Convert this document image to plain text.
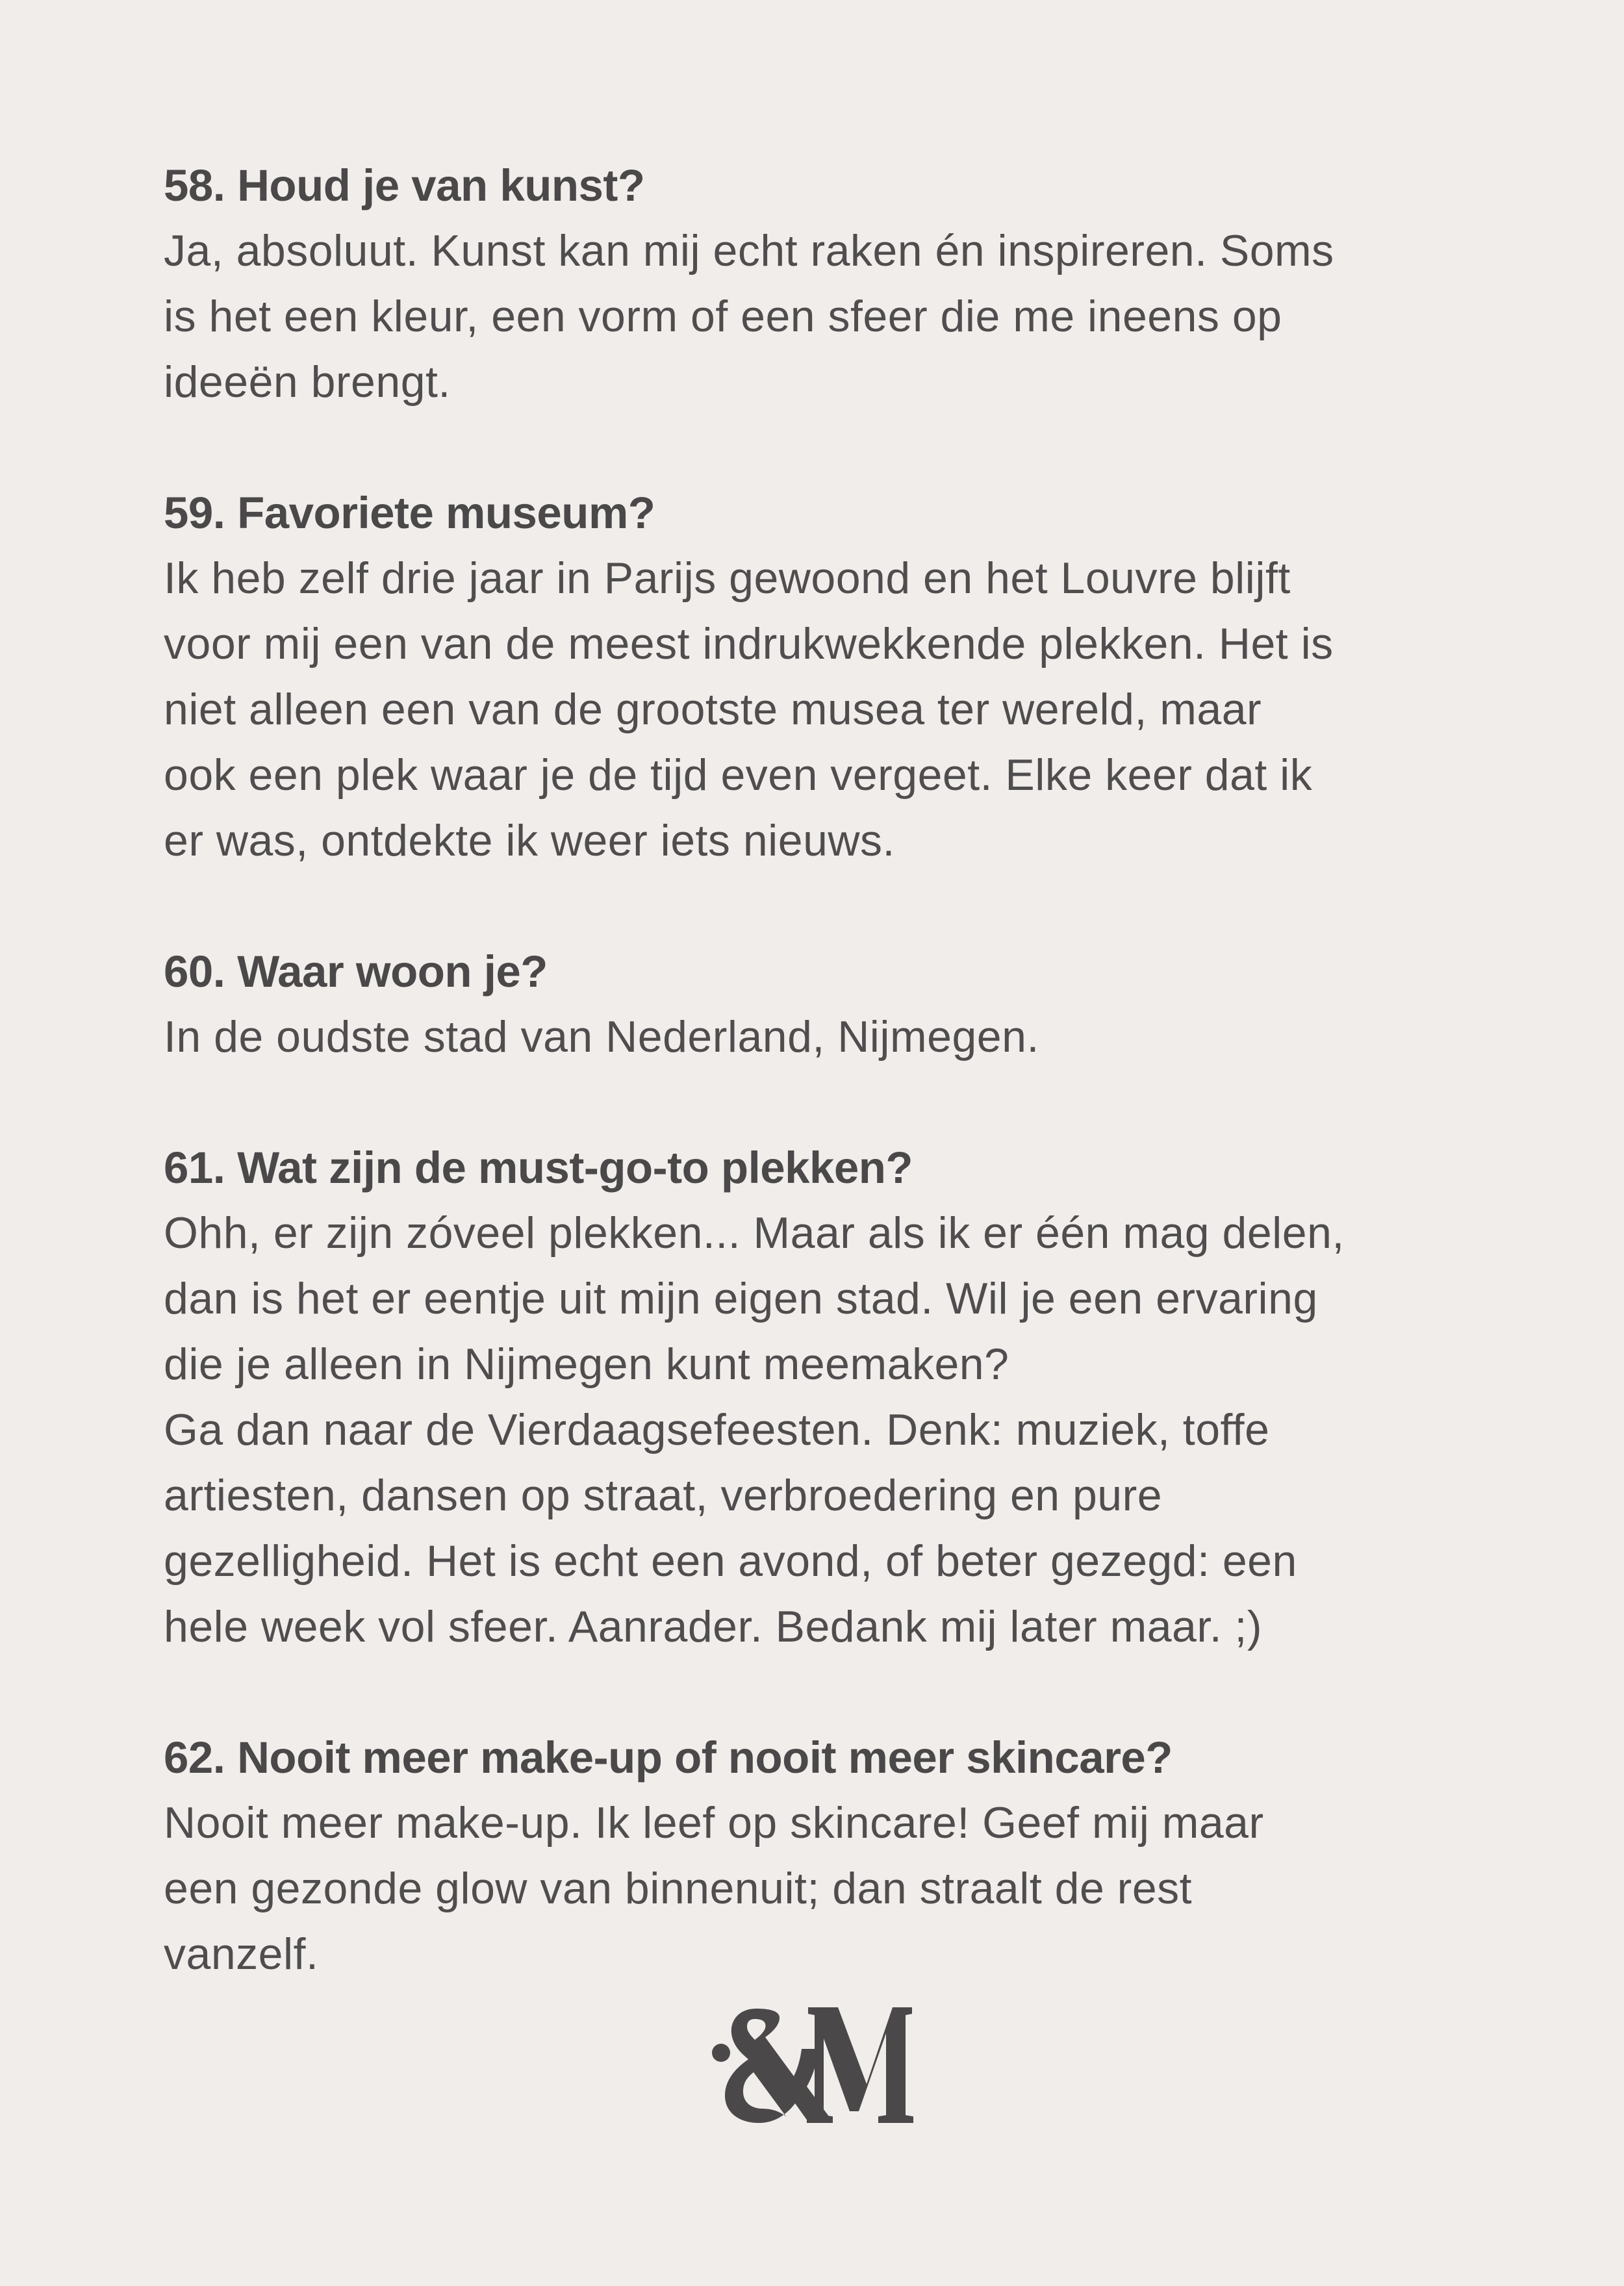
58. Houd je van kunst?

Ja, absoluut. Kunst kan mij echt raken én inspireren. Soms
is het een kleur, een vorm of een sfeer die me ineens op
ideeën brengt.

59. Favoriete museum?

Ik heb zelf drie jaar in Parijs gewoond en het Louvre blijft
voor mij een van de meest indrukwekkende plekken. Het is
niet alleen een van de grootste musea ter wereld, maar
ook een plek waar je de tijd even vergeet. Elke keer dat ik
er was, ontdekte ik weer iets nieuws.

60. Waar woon je?

In de oudste stad van Nederland, Nijmegen.

61. Wat zijn de must-go-to plekken?

Ohh, er zijn zóveel plekken... Maar als ik er één mag delen,
dan is het er eentje uit mijn eigen stad. Wil je een ervaring
die je alleen in Nijmegen kunt meemaken?
Ga dan naar de Vierdaagsefeesten. Denk: muziek, toffe
artiesten, dansen op straat, verbroedering en pure
gezelligheid. Het is echt een avond, of beter gezegd: een
hele week vol sfeer. Aanrader. Bedank mij later maar. ;)

62. Nooit meer make-up of nooit meer skincare?

Nooit meer make-up. Ik leef op skincare! Geef mij maar
een gezonde glow van binnenuit; dan straalt de rest
vanzelf.
